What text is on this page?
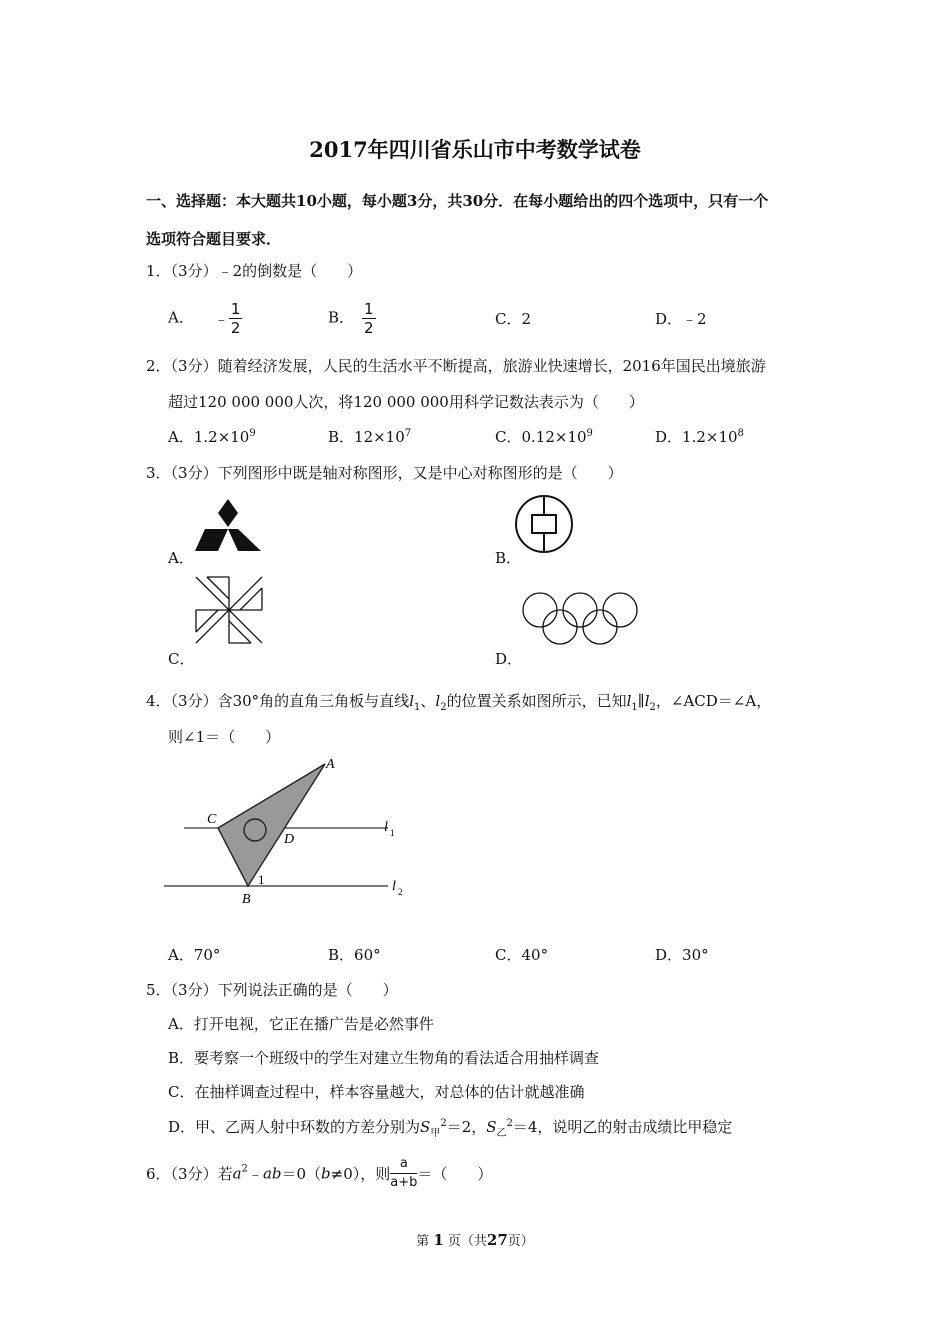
2017年四川省乐山市中考数学试卷
一、选择题：本大题共10小题，每小题3分，共30分．在每小题给出的四个选项中，只有一个
选项符合题目要求．
1．（3分）﹣2的倒数是（　　）
A． ﹣ $\frac{1}{2}$	B． $\frac{1}{2}$	C．2	D．﹣2
2．（3分）随着经济发展，人民的生活水平不断提高，旅游业快速增长，2016年国民出境旅游
超过120 000 000人次，将120 000 000用科学记数法表示为（　　）
A．$1.2\times 10^9$	B．$12\times 10^7$	C．$0.12\times 10^9$	D．$1.2\times 10^8$
3．（3分）下列图形中既是轴对称图形，又是中心对称图形的是（　　）
A．	B．
C．	D．
4．（3分）含30°角的直角三角板与直线$l_1$、$l_2$的位置关系如图所示，已知$l_1\parallel l_2$，∠ACD＝∠A，
则∠1＝（　　）
A
C
D
B
1
l 1
l 2
A．70°	B．60°	C．40°	D．30°
5．（3分）下列说法正确的是（　　）
A．打开电视，它正在播广告是必然事件
B．要考察一个班级中的学生对建立生物角的看法适合用抽样调查
C．在抽样调查过程中，样本容量越大，对总体的估计就越准确
D．甲、乙两人射中环数的方差分别为$S_甲^2=2$，$S_乙^2=4$，说明乙的射击成绩比甲稳定
6．（3分）若$a^2﹣ab=0(b\ne 0)$，则 $\frac{a}{a+b}$ ＝（　　）
第 1 页（共27页）
